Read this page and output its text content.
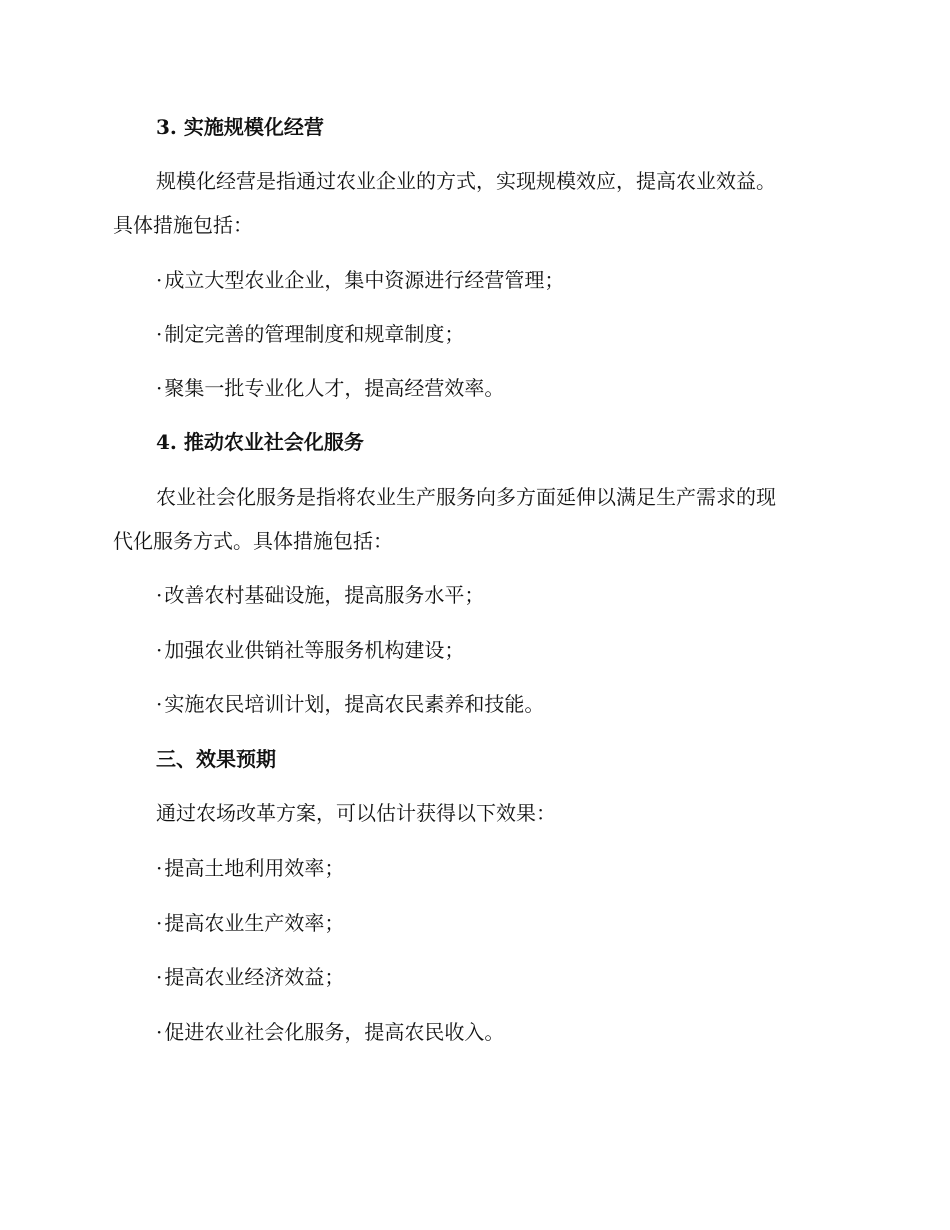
3. 实施规模化经营
规模化经营是指通过农业企业的方式，实现规模效应，提高农业效益。
具体措施包括：
· 成立大型农业企业，集中资源进行经营管理；
· 制定完善的管理制度和规章制度；
· 聚集一批专业化人才，提高经营效率。
4. 推动农业社会化服务
农业社会化服务是指将农业生产服务向多方面延伸以满足生产需求的现
代化服务方式。具体措施包括：
· 改善农村基础设施，提高服务水平；
· 加强农业供销社等服务机构建设；
· 实施农民培训计划，提高农民素养和技能。
三、效果预期
通过农场改革方案，可以估计获得以下效果：
· 提高土地利用效率；
· 提高农业生产效率；
· 提高农业经济效益；
· 促进农业社会化服务，提高农民收入。
